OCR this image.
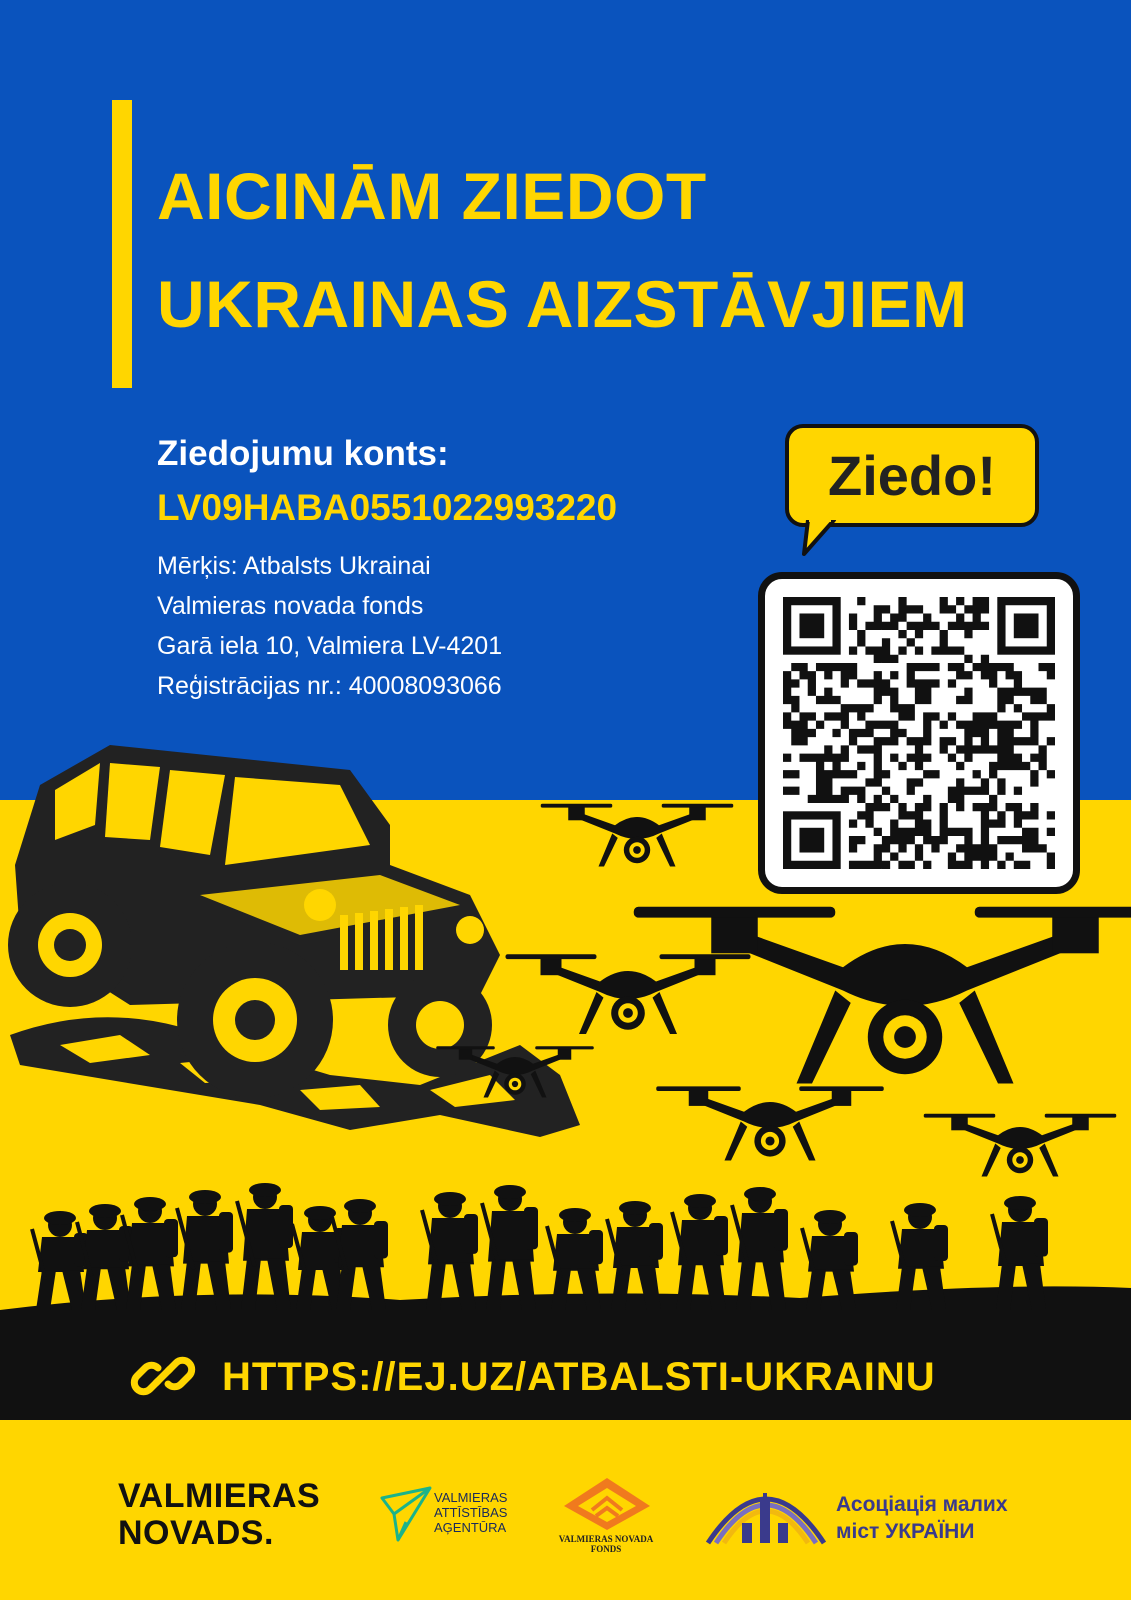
AICINĀM ZIEDOT
UKRAINAS AIZSTĀVJIEM
Ziedojumu konts:
LV09HABA0551022993220
Mērķis: Atbalsts Ukrainai
Valmieras novada fonds
Garā iela 10, Valmiera LV-4201
Reģistrācijas nr.: 40008093066
Ziedo!
HTTPS://EJ.UZ/ATBALSTI-UKRAINU
VALMIERAS
NOVADS.
VALMIERAS
ATTĪSTĪBAS
AĢENTŪRA
VALMIERAS NOVADA FONDS
Асоціація малих
міст УКРАЇНИ
